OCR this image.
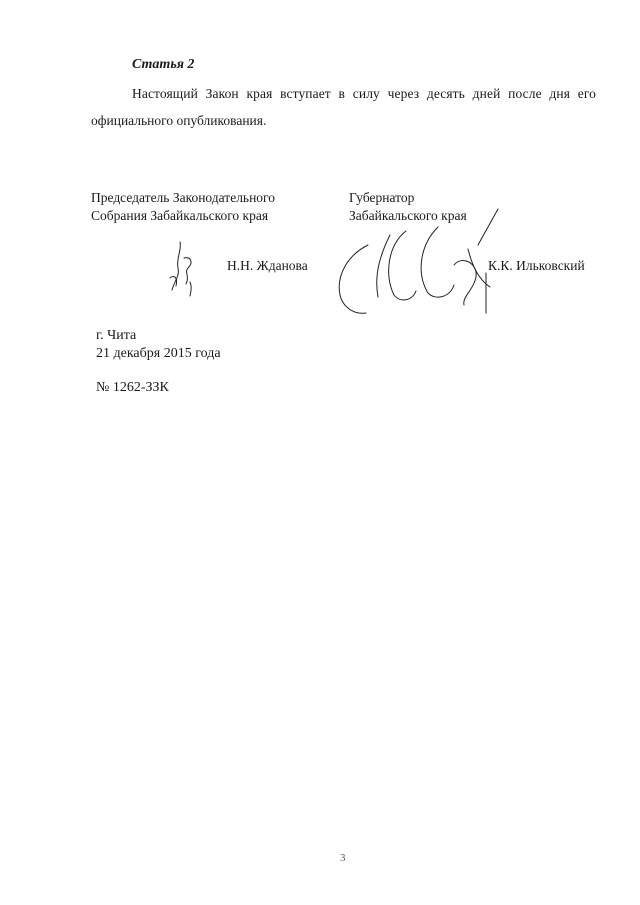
Статья 2
Настоящий Закон края вступает в силу через десять дней после дня его
официального опубликования.
Председатель Законодательного
Собрания Забайкальского края
Губернатор
Забайкальского края
Н.Н. Жданова	К.К. Ильковский
г. Чита
21 декабря 2015 года
№ 1262-ЗЗК
3
